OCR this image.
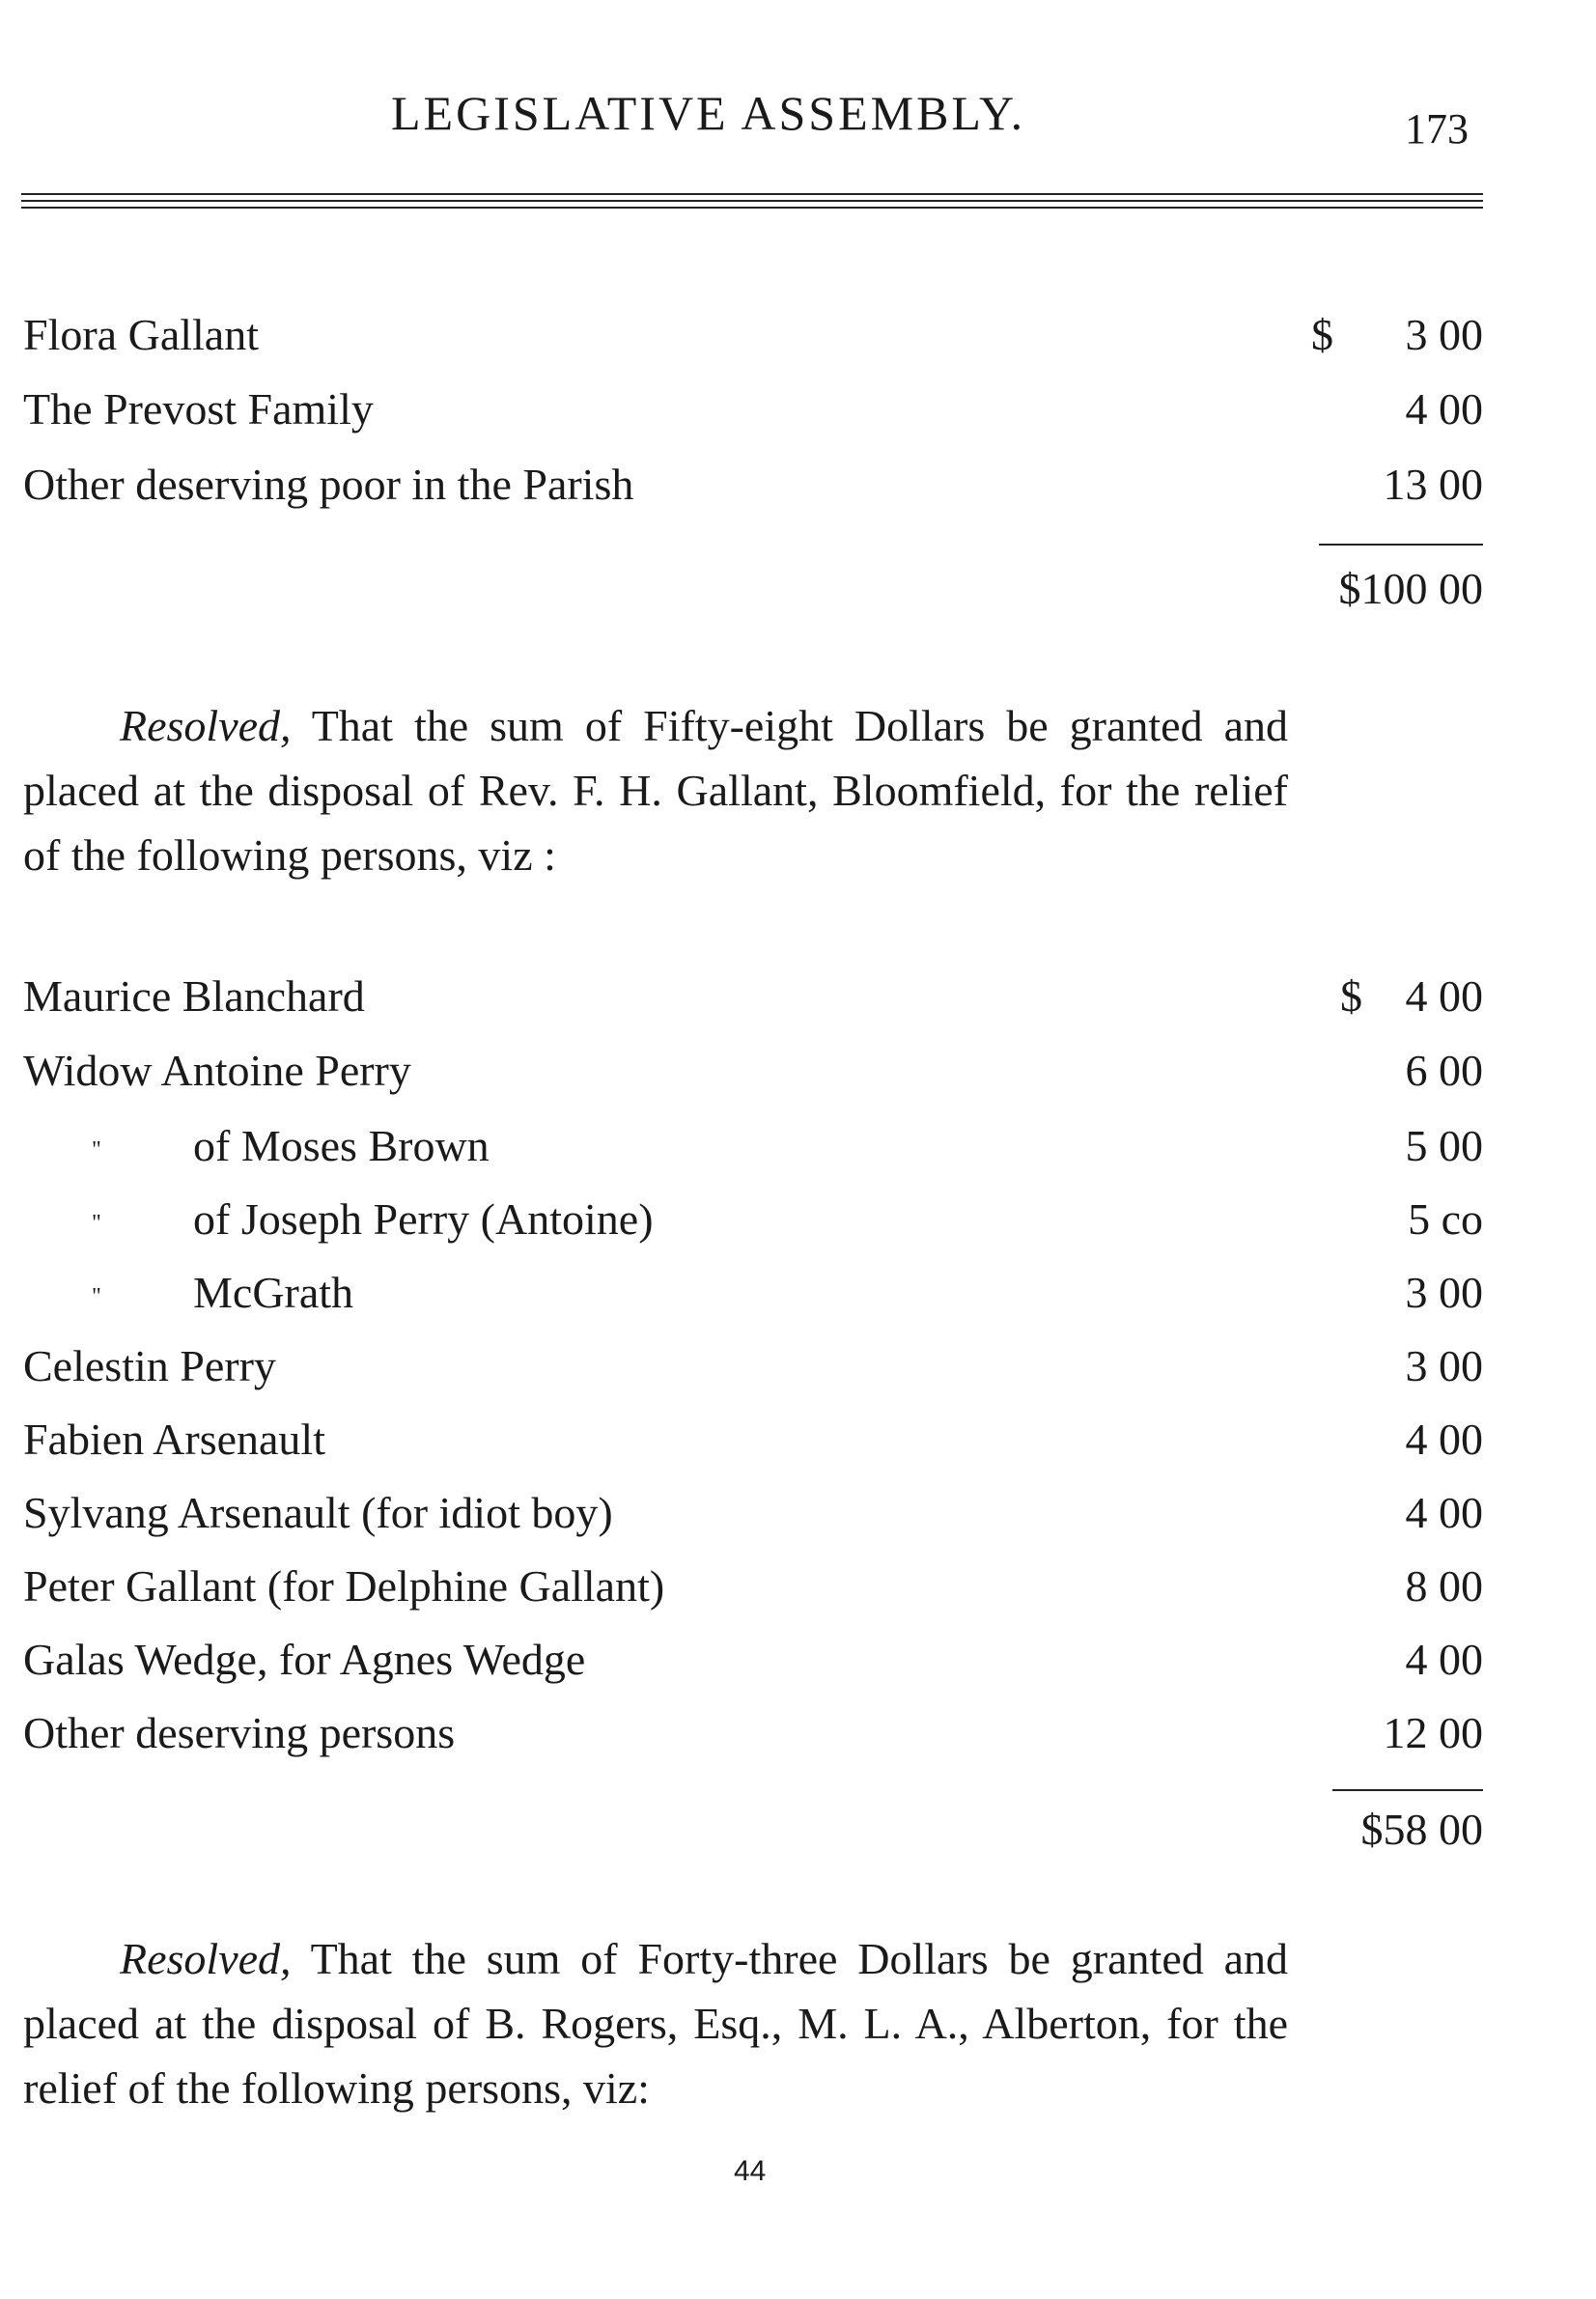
LEGISLATIVE ASSEMBLY.	173
Flora Gallant	$ 3 00
The Prevost Family	4 00
Other deserving poor in the Parish	13 00
$100 00

Resolved, That the sum of Fifty-eight Dollars be granted and placed at the disposal of Rev. F. H. Gallant, Bloomfield, for the relief of the following persons, viz :

Maurice Blanchard	$ 4 00
Widow Antoine Perry	6 00
" of Moses Brown	5 00
" of Joseph Perry (Antoine)	5 co
" McGrath	3 00
Celestin Perry	3 00
Fabien Arsenault	4 00
Sylvang Arsenault (for idiot boy)	4 00
Peter Gallant (for Delphine Gallant)	8 00
Galas Wedge, for Agnes Wedge	4 00
Other deserving persons	12 00
$58 00

Resolved, That the sum of Forty-three Dollars be granted and placed at the disposal of B. Rogers, Esq., M. L. A., Alberton, for the relief of the following persons, viz:

44
